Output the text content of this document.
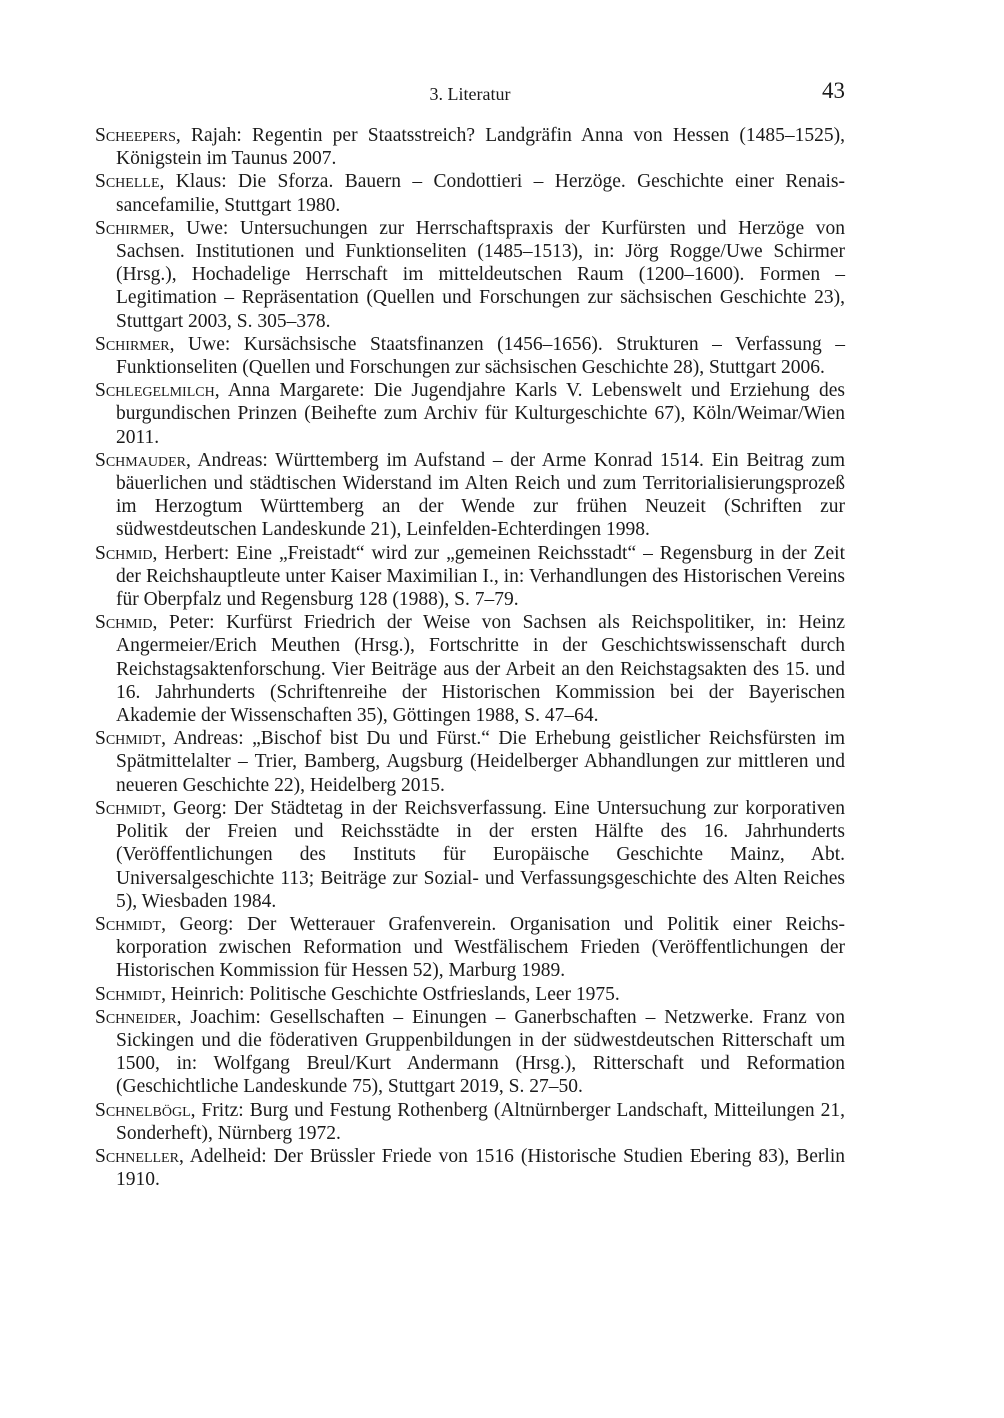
3. Literatur	43
Scheepers, Rajah: Regentin per Staatsstreich? Landgräfin Anna von Hessen (1485–1525), Königstein im Taunus 2007.
Schelle, Klaus: Die Sforza. Bauern – Condottieri – Herzöge. Geschichte einer Renaissancefamilie, Stuttgart 1980.
Schirmer, Uwe: Untersuchungen zur Herrschaftspraxis der Kurfürsten und Herzöge von Sachsen. Institutionen und Funktionseliten (1485–1513), in: Jörg Rogge/Uwe Schirmer (Hrsg.), Hochadelige Herrschaft im mitteldeutschen Raum (1200–1600). Formen – Legitimation – Repräsentation (Quellen und Forschungen zur sächsischen Geschichte 23), Stuttgart 2003, S. 305–378.
Schirmer, Uwe: Kursächsische Staatsfinanzen (1456–1656). Strukturen – Verfassung – Funktionseliten (Quellen und Forschungen zur sächsischen Geschichte 28), Stuttgart 2006.
Schlegelmilch, Anna Margarete: Die Jugendjahre Karls V. Lebenswelt und Erziehung des burgundischen Prinzen (Beihefte zum Archiv für Kulturgeschichte 67), Köln/Weimar/Wien 2011.
Schmauder, Andreas: Württemberg im Aufstand – der Arme Konrad 1514. Ein Beitrag zum bäuerlichen und städtischen Widerstand im Alten Reich und zum Territorialisierungsprozeß im Herzogtum Württemberg an der Wende zur frühen Neuzeit (Schriften zur südwestdeutschen Landeskunde 21), Leinfelden-Echterdingen 1998.
Schmid, Herbert: Eine „Freistadt“ wird zur „gemeinen Reichsstadt“ – Regensburg in der Zeit der Reichshauptleute unter Kaiser Maximilian I., in: Verhandlungen des Historischen Vereins für Oberpfalz und Regensburg 128 (1988), S. 7–79.
Schmid, Peter: Kurfürst Friedrich der Weise von Sachsen als Reichspolitiker, in: Heinz Angermeier/Erich Meuthen (Hrsg.), Fortschritte in der Geschichtswissenschaft durch Reichstagsaktenforschung. Vier Beiträge aus der Arbeit an den Reichstagsakten des 15. und 16. Jahrhunderts (Schriftenreihe der Historischen Kommission bei der Bayerischen Akademie der Wissenschaften 35), Göttingen 1988, S. 47–64.
Schmidt, Andreas: „Bischof bist Du und Fürst.“ Die Erhebung geistlicher Reichsfürsten im Spätmittelalter – Trier, Bamberg, Augsburg (Heidelberger Abhandlungen zur mittleren und neueren Geschichte 22), Heidelberg 2015.
Schmidt, Georg: Der Städtetag in der Reichsverfassung. Eine Untersuchung zur korporativen Politik der Freien und Reichsstädte in der ersten Hälfte des 16. Jahrhunderts (Veröffentlichungen des Instituts für Europäische Geschichte Mainz, Abt. Universalgeschichte 113; Beiträge zur Sozial- und Verfassungsgeschichte des Alten Reiches 5), Wiesbaden 1984.
Schmidt, Georg: Der Wetterauer Grafenverein. Organisation und Politik einer Reichskorporation zwischen Reformation und Westfälischem Frieden (Veröffentlichungen der Historischen Kommission für Hessen 52), Marburg 1989.
Schmidt, Heinrich: Politische Geschichte Ostfrieslands, Leer 1975.
Schneider, Joachim: Gesellschaften – Einungen – Ganerbschaften – Netzwerke. Franz von Sickingen und die föderativen Gruppenbildungen in der südwestdeutschen Ritterschaft um 1500, in: Wolfgang Breul/Kurt Andermann (Hrsg.), Ritterschaft und Reformation (Geschichtliche Landeskunde 75), Stuttgart 2019, S. 27–50.
Schnelbögl, Fritz: Burg und Festung Rothenberg (Altnürnberger Landschaft, Mitteilungen 21, Sonderheft), Nürnberg 1972.
Schneller, Adelheid: Der Brüssler Friede von 1516 (Historische Studien Ebering 83), Berlin 1910.
